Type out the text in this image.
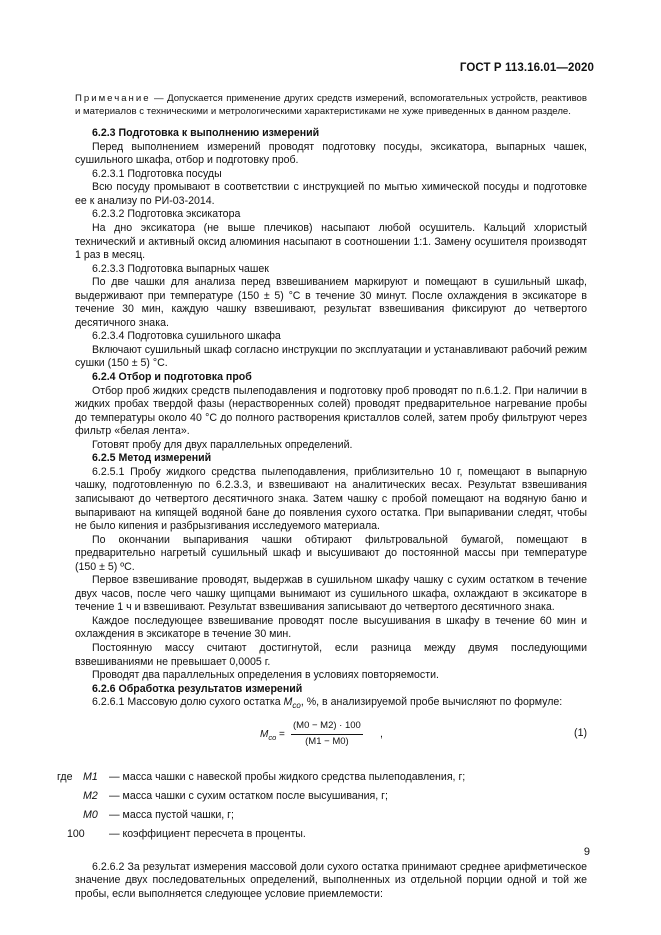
ГОСТ Р 113.16.01—2020

Примечание — Допускается применение других средств измерений, вспомогательных устройств, реактивов и материалов с техническими и метрологическими характеристиками не хуже приведенных в данном разделе.

6.2.3 Подготовка к выполнению измерений

Перед выполнением измерений проводят подготовку посуды, эксикатора, выпарных чашек, сушильного шкафа, отбор и подготовку проб.

6.2.3.1 Подготовка посуды

Всю посуду промывают в соответствии с инструкцией по мытью химической посуды и подготовке ее к анализу по РИ-03-2014.

6.2.3.2 Подготовка эксикатора

На дно эксикатора (не выше плечиков) насыпают любой осушитель. Кальций хлористый технический и активный оксид алюминия насыпают в соотношении 1:1. Замену осушителя производят 1 раз в месяц.

6.2.3.3 Подготовка выпарных чашек

По две чашки для анализа перед взвешиванием маркируют и помещают в сушильный шкаф, выдерживают при температуре (150 ± 5) °С в течение 30 минут. После охлаждения в эксикаторе в течение 30 мин, каждую чашку взвешивают, результат взвешивания фиксируют до четвертого десятичного знака.

6.2.3.4 Подготовка сушильного шкафа

Включают сушильный шкаф согласно инструкции по эксплуатации и устанавливают рабочий режим сушки (150 ± 5) °С.

6.2.4 Отбор и подготовка проб

Отбор проб жидких средств пылеподавления и подготовку проб проводят по п.6.1.2. При наличии в жидких пробах твердой фазы (нерастворенных солей) проводят предварительное нагревание пробы до температуры около 40 °С до полного растворения кристаллов солей, затем пробу фильтруют через фильтр «белая лента».

Готовят пробу для двух параллельных определений.

6.2.5 Метод измерений

6.2.5.1 Пробу жидкого средства пылеподавления, приблизительно 10 г, помещают в выпарную чашку, подготовленную по 6.2.3.3, и взвешивают на аналитических весах. Результат взвешивания записывают до четвертого десятичного знака. Затем чашку с пробой помещают на водяную баню и выпаривают на кипящей водяной бане до появления сухого остатка. При выпаривании следят, чтобы не было кипения и разбрызгивания исследуемого материала.

По окончании выпаривания чашки обтирают фильтровальной бумагой, помещают в предварительно нагретый сушильный шкаф и высушивают до постоянной массы при температуре (150 ± 5) ºС.

Первое взвешивание проводят, выдержав в сушильном шкафу чашку с сухим остатком в течение двух часов, после чего чашку щипцами вынимают из сушильного шкафа, охлаждают в эксикаторе в течение 1 ч и взвешивают. Результат взвешивания записывают до четвертого десятичного знака.

Каждое последующее взвешивание проводят после высушивания в шкафу в течение 60 мин и охлаждения в эксикаторе в течение 30 мин.

Постоянную массу считают достигнутой, если разница между двумя последующими взвешиваниями не превышает 0,0005 г.

Проводят два параллельных определения в условиях повторяемости.

6.2.6 Обработка результатов измерений

6.2.6.1 Массовую долю сухого остатка $M_{со}$, %, в анализируемой пробе вычисляют по формуле:

$M_{со} = \frac{(M0 - M2) \cdot 100}{(M1 - M0)}$ ,	(1)
где M1 — масса чашки с навеской пробы жидкого средства пылеподавления, г;
M2 — масса чашки с сухим остатком после высушивания, г;
M0 — масса пустой чашки, г;
100 — коэффициент пересчета в проценты.

6.2.6.2 За результат измерения массовой доли сухого остатка принимают среднее арифметическое значение двух последовательных определений, выполненных из отдельной порции одной и той же пробы, если выполняется следующее условие приемлемости:

9
